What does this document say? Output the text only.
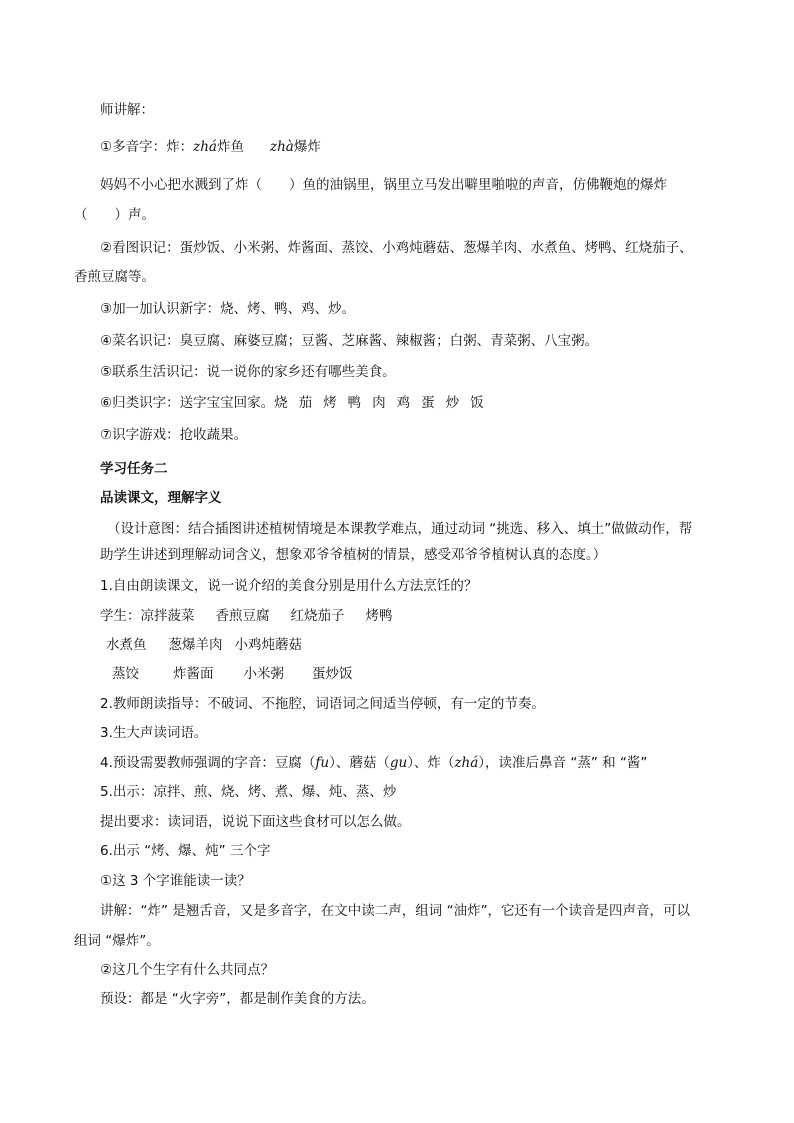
师讲解：
①多音字：炸：zhá炸鱼 zhà爆炸
妈妈不小心把水溅到了炸（　　）鱼的油锅里，锅里立马发出噼里啪啦的声音，仿佛鞭炮的爆炸
（　　）声。
②看图识记：蛋炒饭、小米粥、炸酱面、蒸饺、小鸡炖蘑菇、葱爆羊肉、水煮鱼、烤鸭、红烧茄子、
香煎豆腐等。
③加一加认识新字：烧、烤、鸭、鸡、炒。
④菜名识记：臭豆腐、麻婆豆腐；豆酱、芝麻酱、辣椒酱；白粥、青菜粥、八宝粥。
⑤联系生活识记：说一说你的家乡还有哪些美食。
⑥归类识字：送字宝宝回家。烧 茄 烤 鸭 肉 鸡 蛋 炒 饭
⑦识字游戏：抢收蔬果。
学习任务二
品读课文，理解字义
（设计意图：结合插图讲述植树情境是本课教学难点，通过动词 “挑选、移入、填土”做做动作，帮
助学生讲述到理解动词含义，想象邓爷爷植树的情景，感受邓爷爷植树认真的态度。）
1.自由朗读课文，说一说介绍的美食分别是用什么方法烹饪的？
学生：凉拌菠菜 香煎豆腐 红烧茄子 烤鸭
水煮鱼 葱爆羊肉 小鸡炖蘑菇
蒸饺	炸酱面 小米粥 蛋炒饭
2.教师朗读指导：不破词、不拖腔，词语词之间适当停顿，有一定的节奏。
3.生大声读词语。
4.预设需要教师强调的字音：豆腐（fu）、蘑菇（gu）、炸（zhá），读准后鼻音 “蒸” 和 “酱”
5.出示：凉拌、煎、烧、烤、煮、爆、炖、蒸、炒
提出要求：读词语，说说下面这些食材可以怎么做。
6.出示 “烤、爆、炖” 三个字
①这 3 个字谁能读一读？
讲解：“炸” 是翘舌音，又是多音字，在文中读二声，组词 “油炸”，它还有一个读音是四声音，可以
组词 “爆炸”。
②这几个生字有什么共同点？
预设：都是 “火字旁”，都是制作美食的方法。
